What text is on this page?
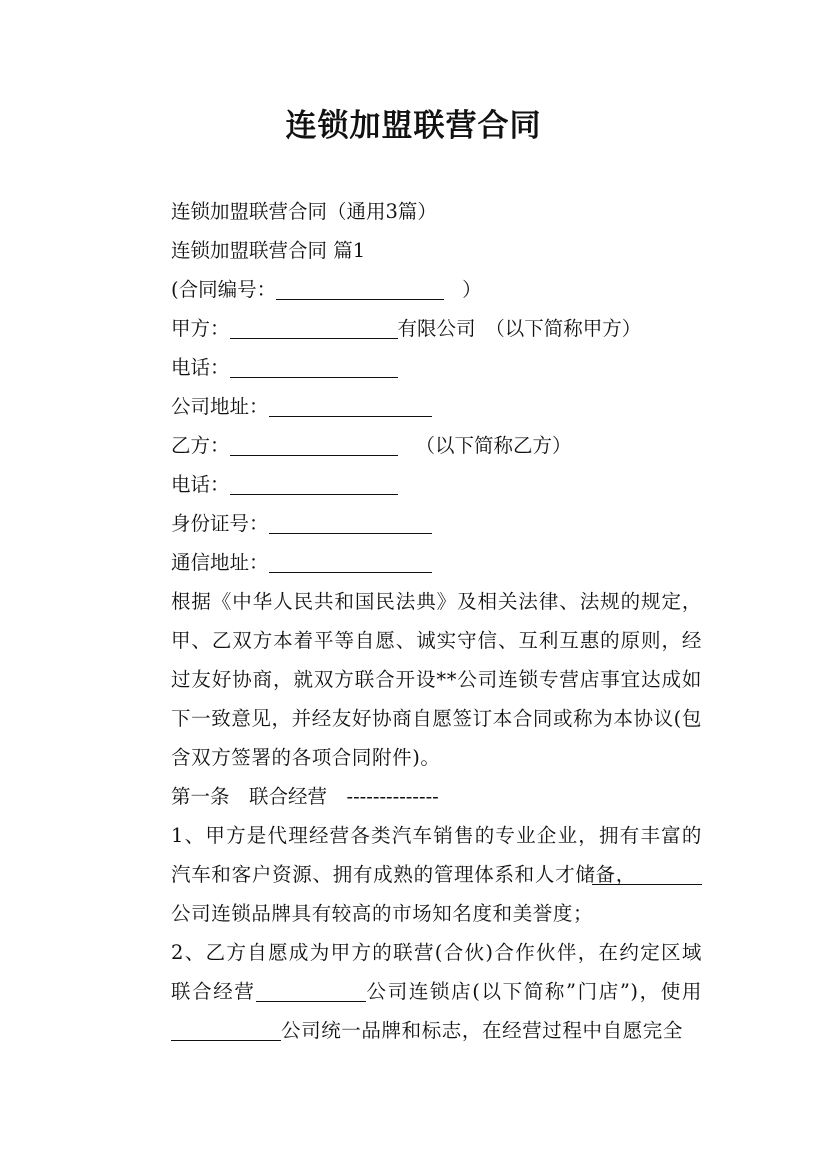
连锁加盟联营合同
连锁加盟联营合同（通用3篇）
连锁加盟联营合同 篇1
(合同编号：	）
甲方：	有限公司　（以下简称甲方）
电话：
公司地址：
乙方：	（以下简称乙方）
电话：
身份证号：
通信地址：
根据《中华人民共和国民法典》及相关法律、法规的规定，甲、乙双方本着平等自愿、诚实守信、互利互惠的原则，经过友好协商，就双方联合开设**公司连锁专营店事宜达成如下一致意见，并经友好协商自愿签订本合同或称为本协议(包含双方签署的各项合同附件)。
第一条　联合经营　--------------
1、甲方是代理经营各类汽车销售的专业企业，拥有丰富的汽车和客户资源、拥有成熟的管理体系和人才储备，公司连锁品牌具有较高的市场知名度和美誉度；
2、乙方自愿成为甲方的联营(合伙)合作伙伴，在约定区域联合经营	公司连锁店(以下简称”门店”)，使用公司统一品牌和标志，在经营过程中自愿完全
